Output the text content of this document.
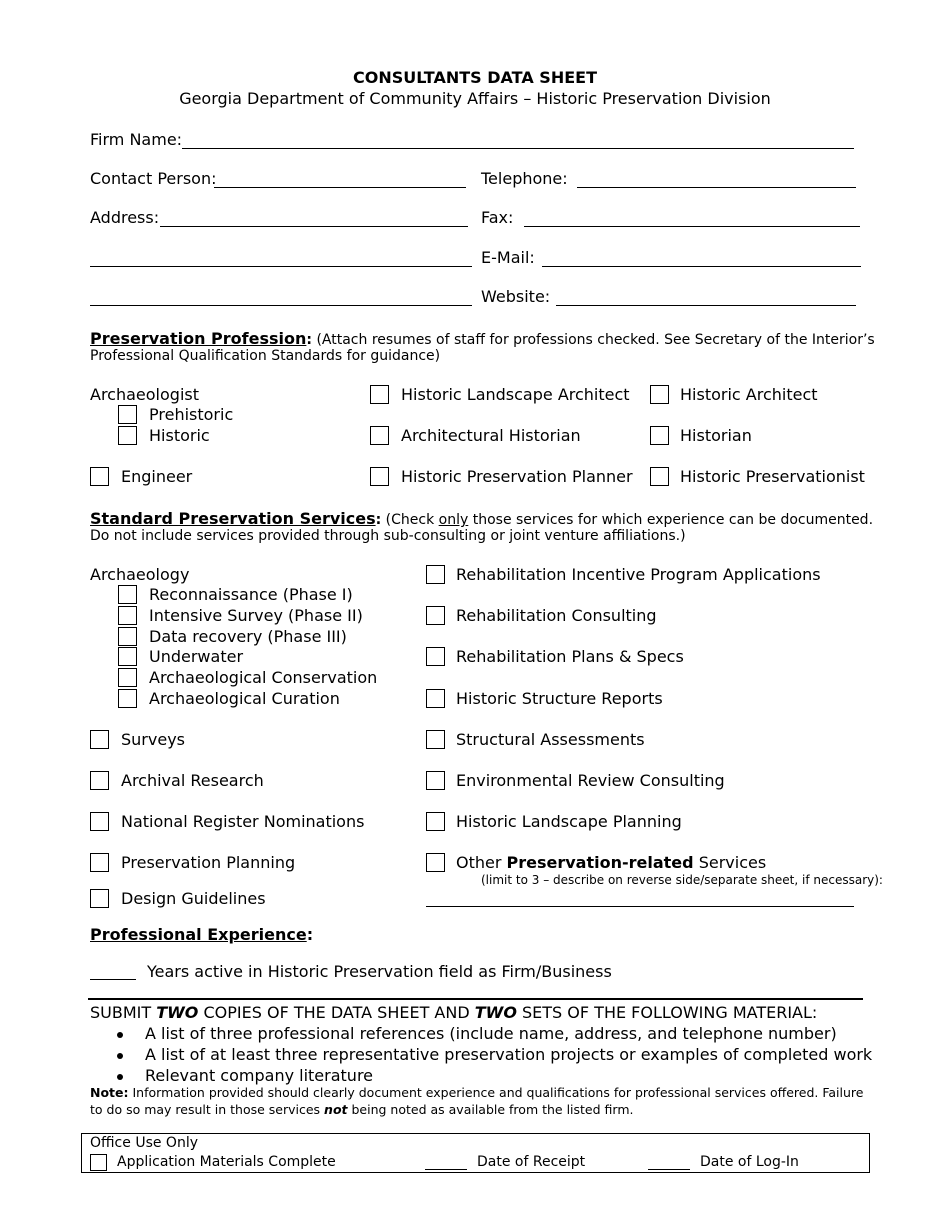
CONSULTANTS DATA SHEET
Georgia Department of Community Affairs – Historic Preservation Division
Firm Name:
Contact Person:	Telephone:
Address:	Fax:
E-Mail:
Website:
Preservation Profession: (Attach resumes of staff for professions checked. See Secretary of the Interior’s
Professional Qualification Standards for guidance)
Archaeologist
Prehistoric
Historic
Engineer
Historic Landscape Architect
Architectural Historian
Historic Preservation Planner
Historic Architect
Historian
Historic Preservationist
Standard Preservation Services: (Check only those services for which experience can be documented.
Do not include services provided through sub-consulting or joint venture affiliations.)
Archaeology
Reconnaissance (Phase I)
Intensive Survey (Phase II)
Data recovery (Phase III)
Underwater
Archaeological Conservation
Archaeological Curation
Surveys
Archival Research
National Register Nominations
Preservation Planning
Design Guidelines
Rehabilitation Incentive Program Applications
Rehabilitation Consulting
Rehabilitation Plans & Specs
Historic Structure Reports
Structural Assessments
Environmental Review Consulting
Historic Landscape Planning
Other Preservation-related Services
(limit to 3 – describe on reverse side/separate sheet, if necessary):
Professional Experience:
Years active in Historic Preservation field as Firm/Business
SUBMIT TWO COPIES OF THE DATA SHEET AND TWO SETS OF THE FOLLOWING MATERIAL:
A list of three professional references (include name, address, and telephone number)
A list of at least three representative preservation projects or examples of completed work
Relevant company literature
Note: Information provided should clearly document experience and qualifications for professional services offered. Failure
to do so may result in those services not being noted as available from the listed firm.
Office Use Only
Application Materials Complete	Date of Receipt	Date of Log-In
